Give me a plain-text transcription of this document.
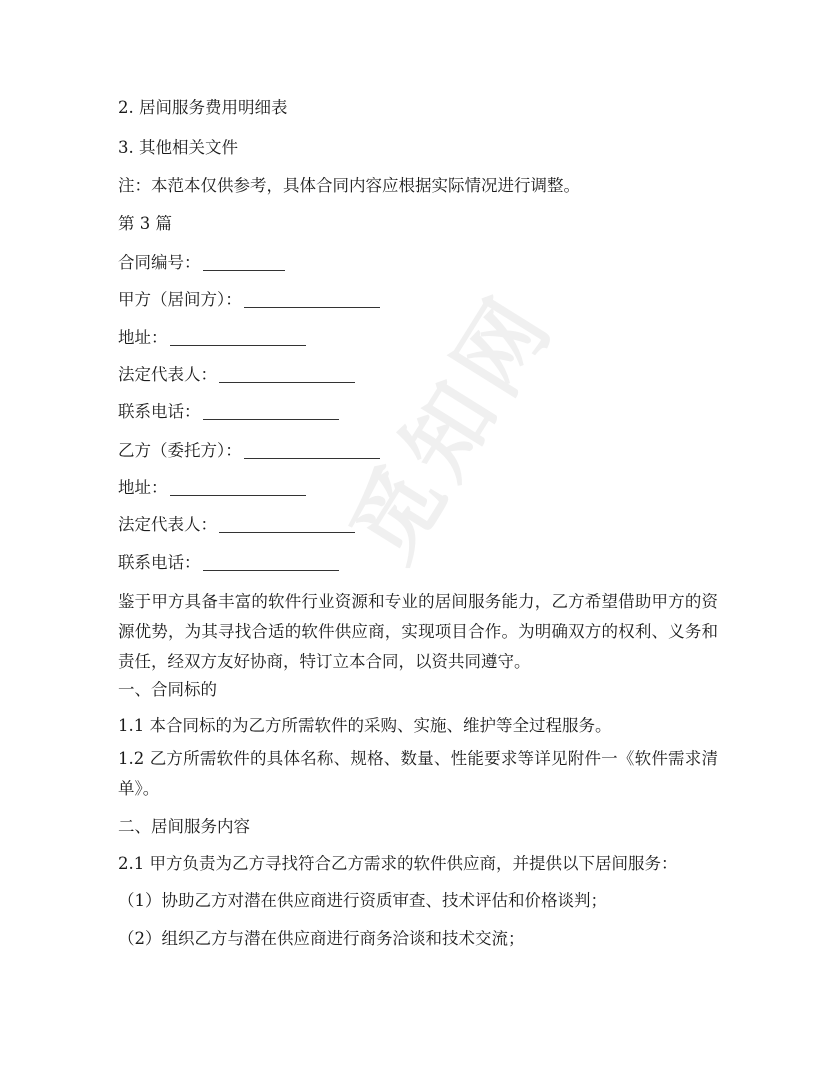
觅知网

2. 居间服务费用明细表

3. 其他相关文件

注：本范本仅供参考，具体合同内容应根据实际情况进行调整。

第 3 篇

合同编号：

甲方（居间方）：

地址：

法定代表人：

联系电话：

乙方（委托方）：

地址：

法定代表人：

联系电话：

鉴于甲方具备丰富的软件行业资源和专业的居间服务能力，乙方希望借助甲方的资源优势，为其寻找合适的软件供应商，实现项目合作。为明确双方的权利、义务和责任，经双方友好协商，特订立本合同，以资共同遵守。

一、合同标的

1.1 本合同标的为乙方所需软件的采购、实施、维护等全过程服务。

1.2 乙方所需软件的具体名称、规格、数量、性能要求等详见附件一《软件需求清单》。

二、居间服务内容

2.1 甲方负责为乙方寻找符合乙方需求的软件供应商，并提供以下居间服务：

（1）协助乙方对潜在供应商进行资质审查、技术评估和价格谈判；

（2）组织乙方与潜在供应商进行商务洽谈和技术交流；
